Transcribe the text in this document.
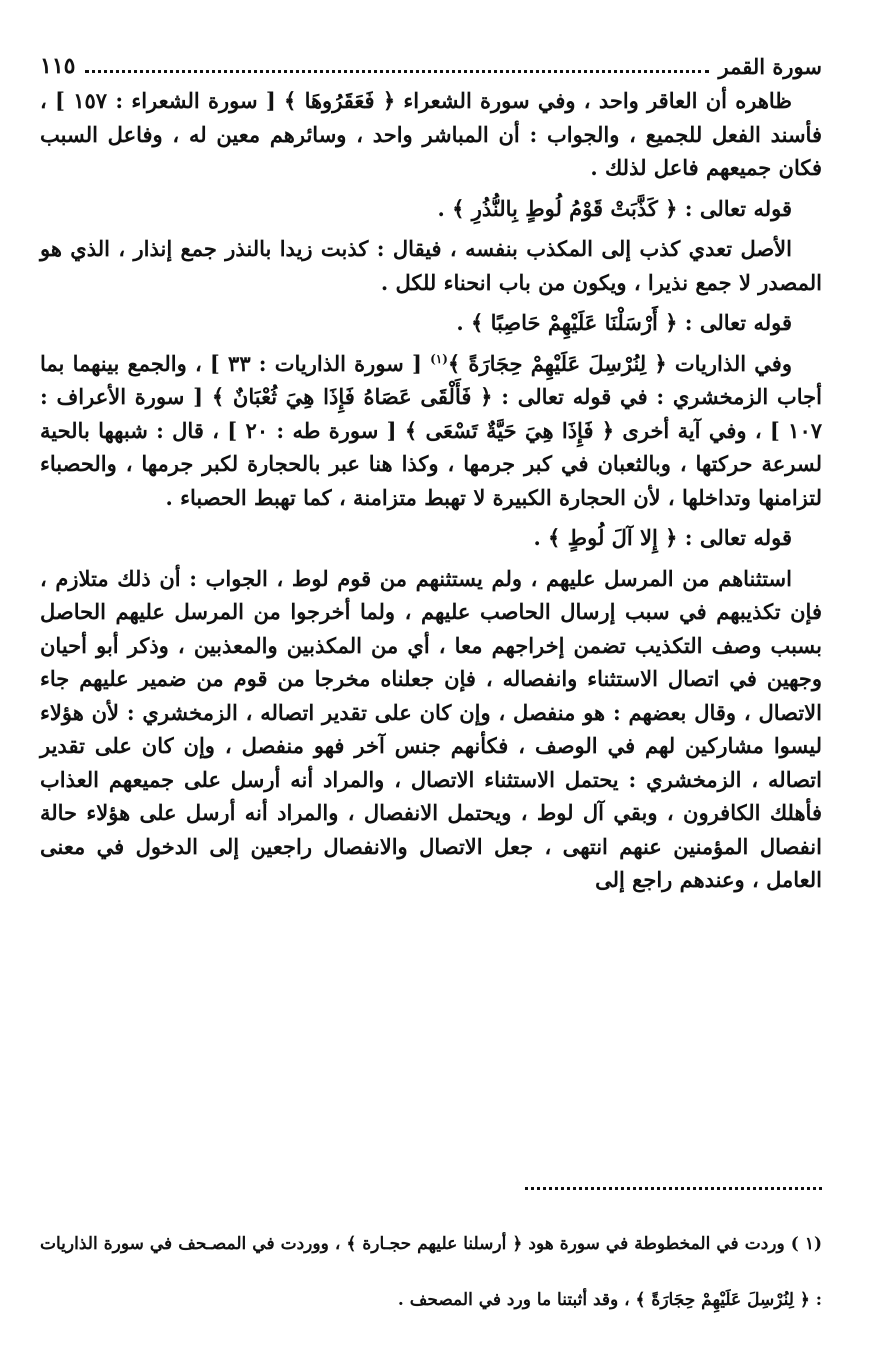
سورة القمر
١١٥

ظاهره أن العاقر واحد ، وفي سورة الشعراء ﴿ فَعَقَرُوهَا ﴾ [ سورة الشعراء : ١٥٧ ] ، فأسند الفعل للجميع ، والجواب : أن المباشر واحد ، وسائرهم معين له ، وفاعل السبب فكان جميعهم فاعل لذلك .

قوله تعالى : ﴿ كَذَّبَتْ قَوْمُ لُوطٍ بِالنُّذُرِ ﴾ .

الأصل تعدي كذب إلى المكذب بنفسه ، فيقال : كذبت زيدا بالنذر جمع إنذار ، الذي هو المصدر لا جمع نذيرا ، ويكون من باب انحناء للكل .

قوله تعالى : ﴿ أَرْسَلْنَا عَلَيْهِمْ حَاصِبًا ﴾ .

وفي الذاريات ﴿ لِنُرْسِلَ عَلَيْهِمْ حِجَارَةً ﴾$^{(١)}$ [ سورة الذاريات : ٣٣ ] ، والجمع بينهما بما أجاب الزمخشري : في قوله تعالى : ﴿ فَأَلْقَى عَصَاهُ فَإِذَا هِيَ ثُعْبَانٌ ﴾ [ سورة الأعراف : ١٠٧ ] ، وفي آية أخرى ﴿ فَإِذَا هِيَ حَيَّةٌ تَسْعَى ﴾ [ سورة طه : ٢٠ ] ، قال : شبهها بالحية لسرعة حركتها ، وبالثعبان في كبر جرمها ، وكذا هنا عبر بالحجارة لكبر جرمها ، والحصباء لتزامنها وتداخلها ، لأن الحجارة الكبيرة لا تهبط متزامنة ، كما تهبط الحصباء .

قوله تعالى : ﴿ إِلا آلَ لُوطٍ ﴾ .

استثناهم من المرسل عليهم ، ولم يستثنهم من قوم لوط ، الجواب : أن ذلك متلازم ، فإن تكذيبهم في سبب إرسال الحاصب عليهم ، ولما أخرجوا من المرسل عليهم الحاصل بسبب وصف التكذيب تضمن إخراجهم معا ، أي من المكذبين والمعذبين ، وذكر أبو أحيان وجهين في اتصال الاستثناء وانفصاله ، فإن جعلناه مخرجا من قوم من ضمير عليهم جاء الاتصال ، وقال بعضهم : هو منفصل ، وإن كان على تقدير اتصاله ، الزمخشري : لأن هؤلاء ليسوا مشاركين لهم في الوصف ، فكأنهم جنس آخر فهو منفصل ، وإن كان على تقدير اتصاله ، الزمخشري : يحتمل الاستثناء الاتصال ، والمراد أنه أرسل على جميعهم العذاب فأهلك الكافرون ، وبقي آل لوط ، ويحتمل الانفصال ، والمراد أنه أرسل على هؤلاء حالة انفصال المؤمنين عنهم انتهى ، جعل الاتصال والانفصال راجعين إلى الدخول في معنى العامل ، وعندهم راجع إلى

(١ ) وردت في المخطوطة في سورة هود ﴿ أرسلنا عليهم حجـارة ﴾ ، ووردت في المصـحف في سورة الذاريات : ﴿ لِنُرْسِلَ عَلَيْهِمْ حِجَارَةً ﴾ ، وقد أثبتنا ما ورد في المصحف .
